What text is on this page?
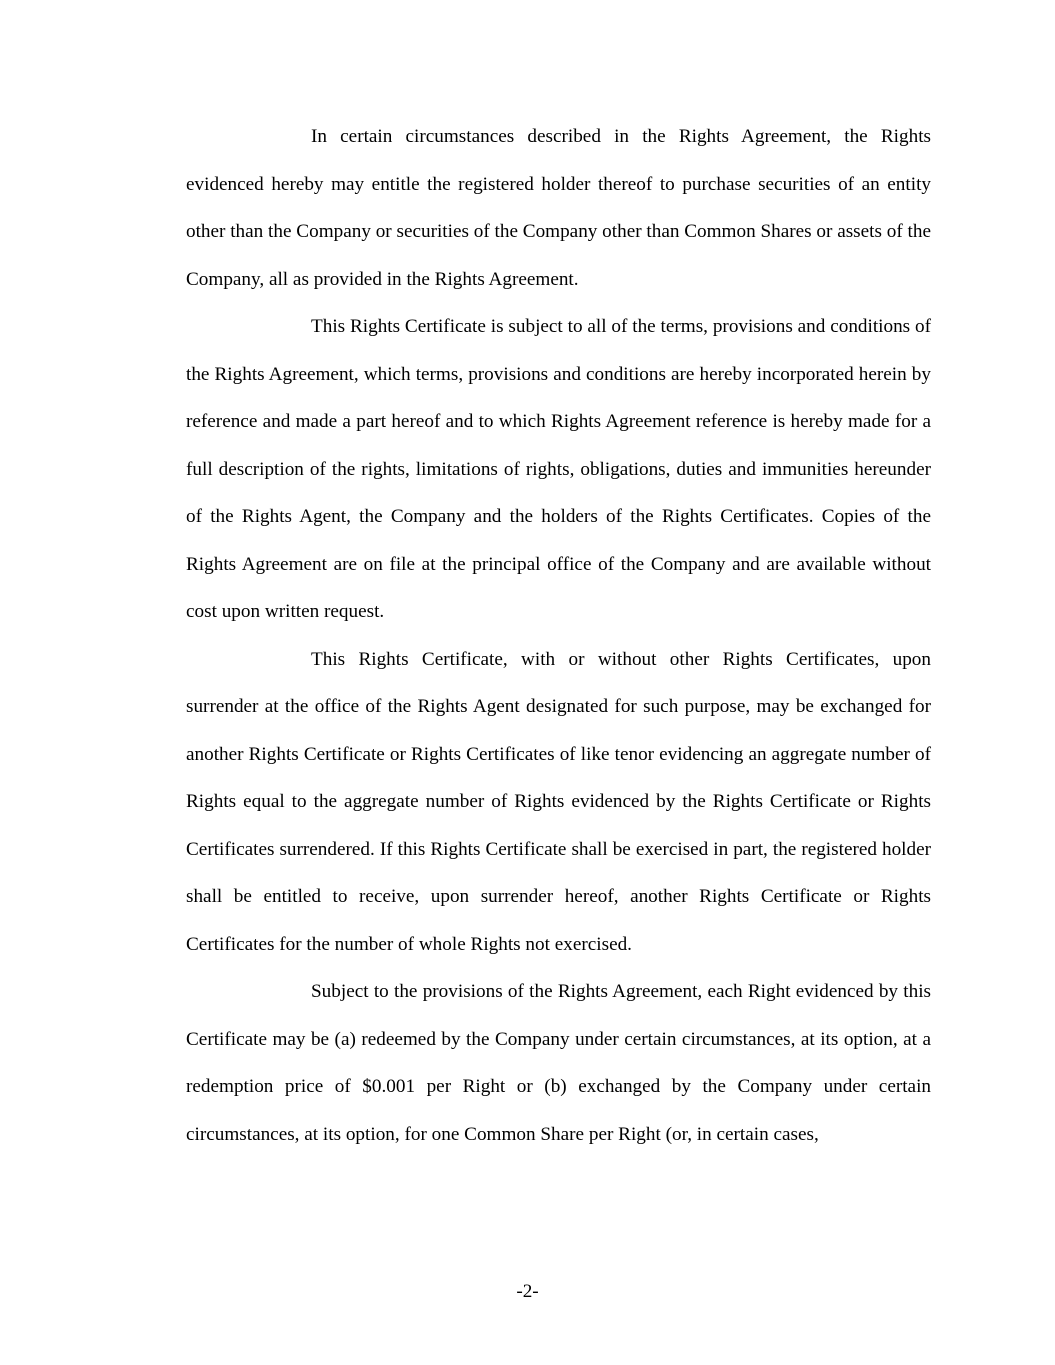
In certain circumstances described in the Rights Agreement, the Rights evidenced hereby may entitle the registered holder thereof to purchase securities of an entity other than the Company or securities of the Company other than Common Shares or assets of the Company, all as provided in the Rights Agreement.

This Rights Certificate is subject to all of the terms, provisions and conditions of the Rights Agreement, which terms, provisions and conditions are hereby incorporated herein by reference and made a part hereof and to which Rights Agreement reference is hereby made for a full description of the rights, limitations of rights, obligations, duties and immunities hereunder of the Rights Agent, the Company and the holders of the Rights Certificates. Copies of the Rights Agreement are on file at the principal office of the Company and are available without cost upon written request.

This Rights Certificate, with or without other Rights Certificates, upon surrender at the office of the Rights Agent designated for such purpose, may be exchanged for another Rights Certificate or Rights Certificates of like tenor evidencing an aggregate number of Rights equal to the aggregate number of Rights evidenced by the Rights Certificate or Rights Certificates surrendered. If this Rights Certificate shall be exercised in part, the registered holder shall be entitled to receive, upon surrender hereof, another Rights Certificate or Rights Certificates for the number of whole Rights not exercised.

Subject to the provisions of the Rights Agreement, each Right evidenced by this Certificate may be (a) redeemed by the Company under certain circumstances, at its option, at a redemption price of $0.001 per Right or (b) exchanged by the Company under certain circumstances, at its option, for one Common Share per Right (or, in certain cases,

-2-
